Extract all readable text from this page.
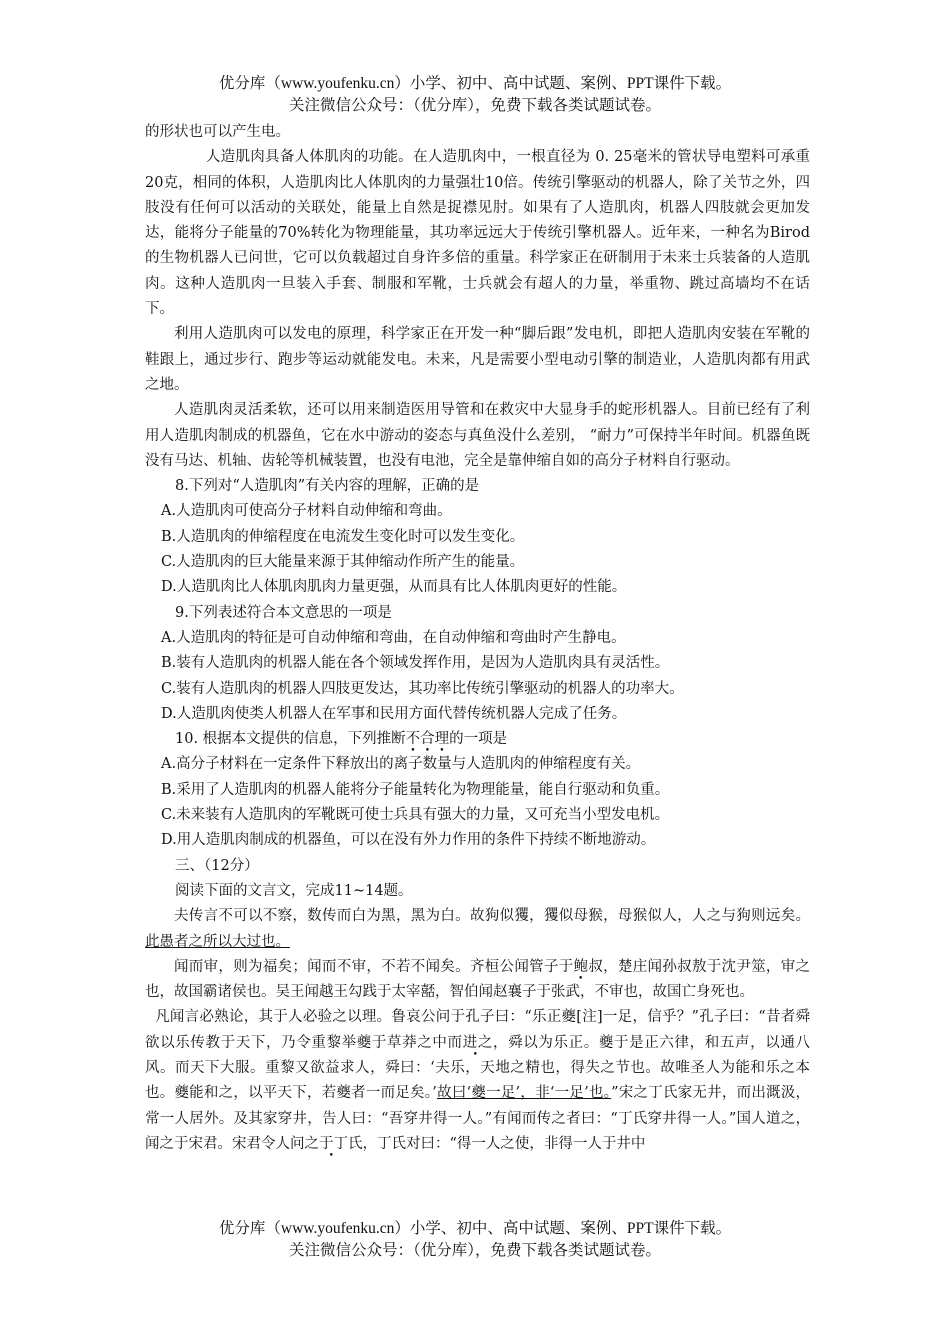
优分库（www.youfenku.cn）小学、初中、高中试题、案例、PPT课件下载。
关注微信公众号：（优分库），免费下载各类试题试卷。

的形状也可以产生电。

人造肌肉具备人体肌肉的功能。在人造肌肉中，一根直径为 0. 25毫米的管状导电塑料可承重20克，相同的体积，人造肌肉比人体肌肉的力量强壮10倍。传统引擎驱动的机器人，除了关节之外，四肢没有任何可以活动的关联处，能量上自然是捉襟见肘。如果有了人造肌肉，机器人四肢就会更加发达，能将分子能量的70%转化为物理能量，其功率远远大于传统引擎机器人。近年来，一种名为Birod的生物机器人已问世，它可以负载超过自身许多倍的重量。科学家正在研制用于未来士兵装备的人造肌肉。这种人造肌肉一旦装入手套、制服和军靴，士兵就会有超人的力量，举重物、跳过高墙均不在话下。

利用人造肌肉可以发电的原理，科学家正在开发一种“脚后跟”发电机，即把人造肌肉安装在军靴的鞋跟上，通过步行、跑步等运动就能发电。未来，凡是需要小型电动引擎的制造业，人造肌肉都有用武之地。

人造肌肉灵活柔软，还可以用来制造医用导管和在救灾中大显身手的蛇形机器人。目前已经有了利用人造肌肉制成的机器鱼，它在水中游动的姿态与真鱼没什么差别， “耐力”可保持半年时间。机器鱼既没有马达、机轴、齿轮等机械装置，也没有电池，完全是靠伸缩自如的高分子材料自行驱动。

8.下列对“人造肌肉”有关内容的理解，正确的是

A.人造肌肉可使高分子材料自动伸缩和弯曲。

B.人造肌肉的伸缩程度在电流发生变化时可以发生变化。

C.人造肌肉的巨大能量来源于其伸缩动作所产生的能量。

D.人造肌肉比人体肌肉肌肉力量更强，从而具有比人体肌肉更好的性能。

9.下列表述符合本文意思的一项是

A.人造肌肉的特征是可自动伸缩和弯曲，在自动伸缩和弯曲时产生静电。

B.装有人造肌肉的机器人能在各个领域发挥作用，是因为人造肌肉具有灵活性。

C.装有人造肌肉的机器人四肢更发达，其功率比传统引擎驱动的机器人的功率大。

D.人造肌肉使类人机器人在军事和民用方面代替传统机器人完成了任务。

10. 根据本文提供的信息，下列推断不合理的一项是

A.高分子材料在一定条件下释放出的离子数量与人造肌肉的伸缩程度有关。

B.采用了人造肌肉的机器人能将分子能量转化为物理能量，能自行驱动和负重。

C.未来装有人造肌肉的军靴既可使士兵具有强大的力量，又可充当小型发电机。

D.用人造肌肉制成的机器鱼，可以在没有外力作用的条件下持续不断地游动。

三、（12分）

阅读下面的文言文，完成11~14题。

夫传言不可以不察，数传而白为黑，黑为白。故狗似玃，玃似母猴，母猴似人，人之与狗则远矣。此愚者之所以大过也。

闻而审，则为福矣；闻而不审，不若不闻矣。齐桓公闻管子于鲍叔，楚庄闻孙叔敖于沈尹筮，审之也，故国霸诸侯也。吴王闻越王勾践于太宰嚭，智伯闻赵襄子于张武，不审也，故国亡身死也。

凡闻言必熟论，其于人必验之以理。鲁哀公问于孔子曰：“乐正夔[注]一足，信乎？”孔子曰：“昔者舜欲以乐传教于天下，乃令重黎举夔于草莽之中而进之，舜以为乐正。夔于是正六律，和五声，以通八风。而天下大服。重黎又欲益求人，舜曰：‘夫乐，天地之精也，得失之节也。故唯圣人为能和乐之本也。夔能和之，以平天下，若夔者一而足矣。’故曰‘夔一足’，非‘一足’也。”宋之丁氏家无井，而出溉汲，常一人居外。及其家穿井，告人曰：“吾穿井得一人。”有闻而传之者曰：“丁氏穿井得一人。”国人道之，闻之于宋君。宋君令人问之于丁氏，丁氏对曰：“得一人之使，非得一人于井中

优分库（www.youfenku.cn）小学、初中、高中试题、案例、PPT课件下载。
关注微信公众号：（优分库），免费下载各类试题试卷。
